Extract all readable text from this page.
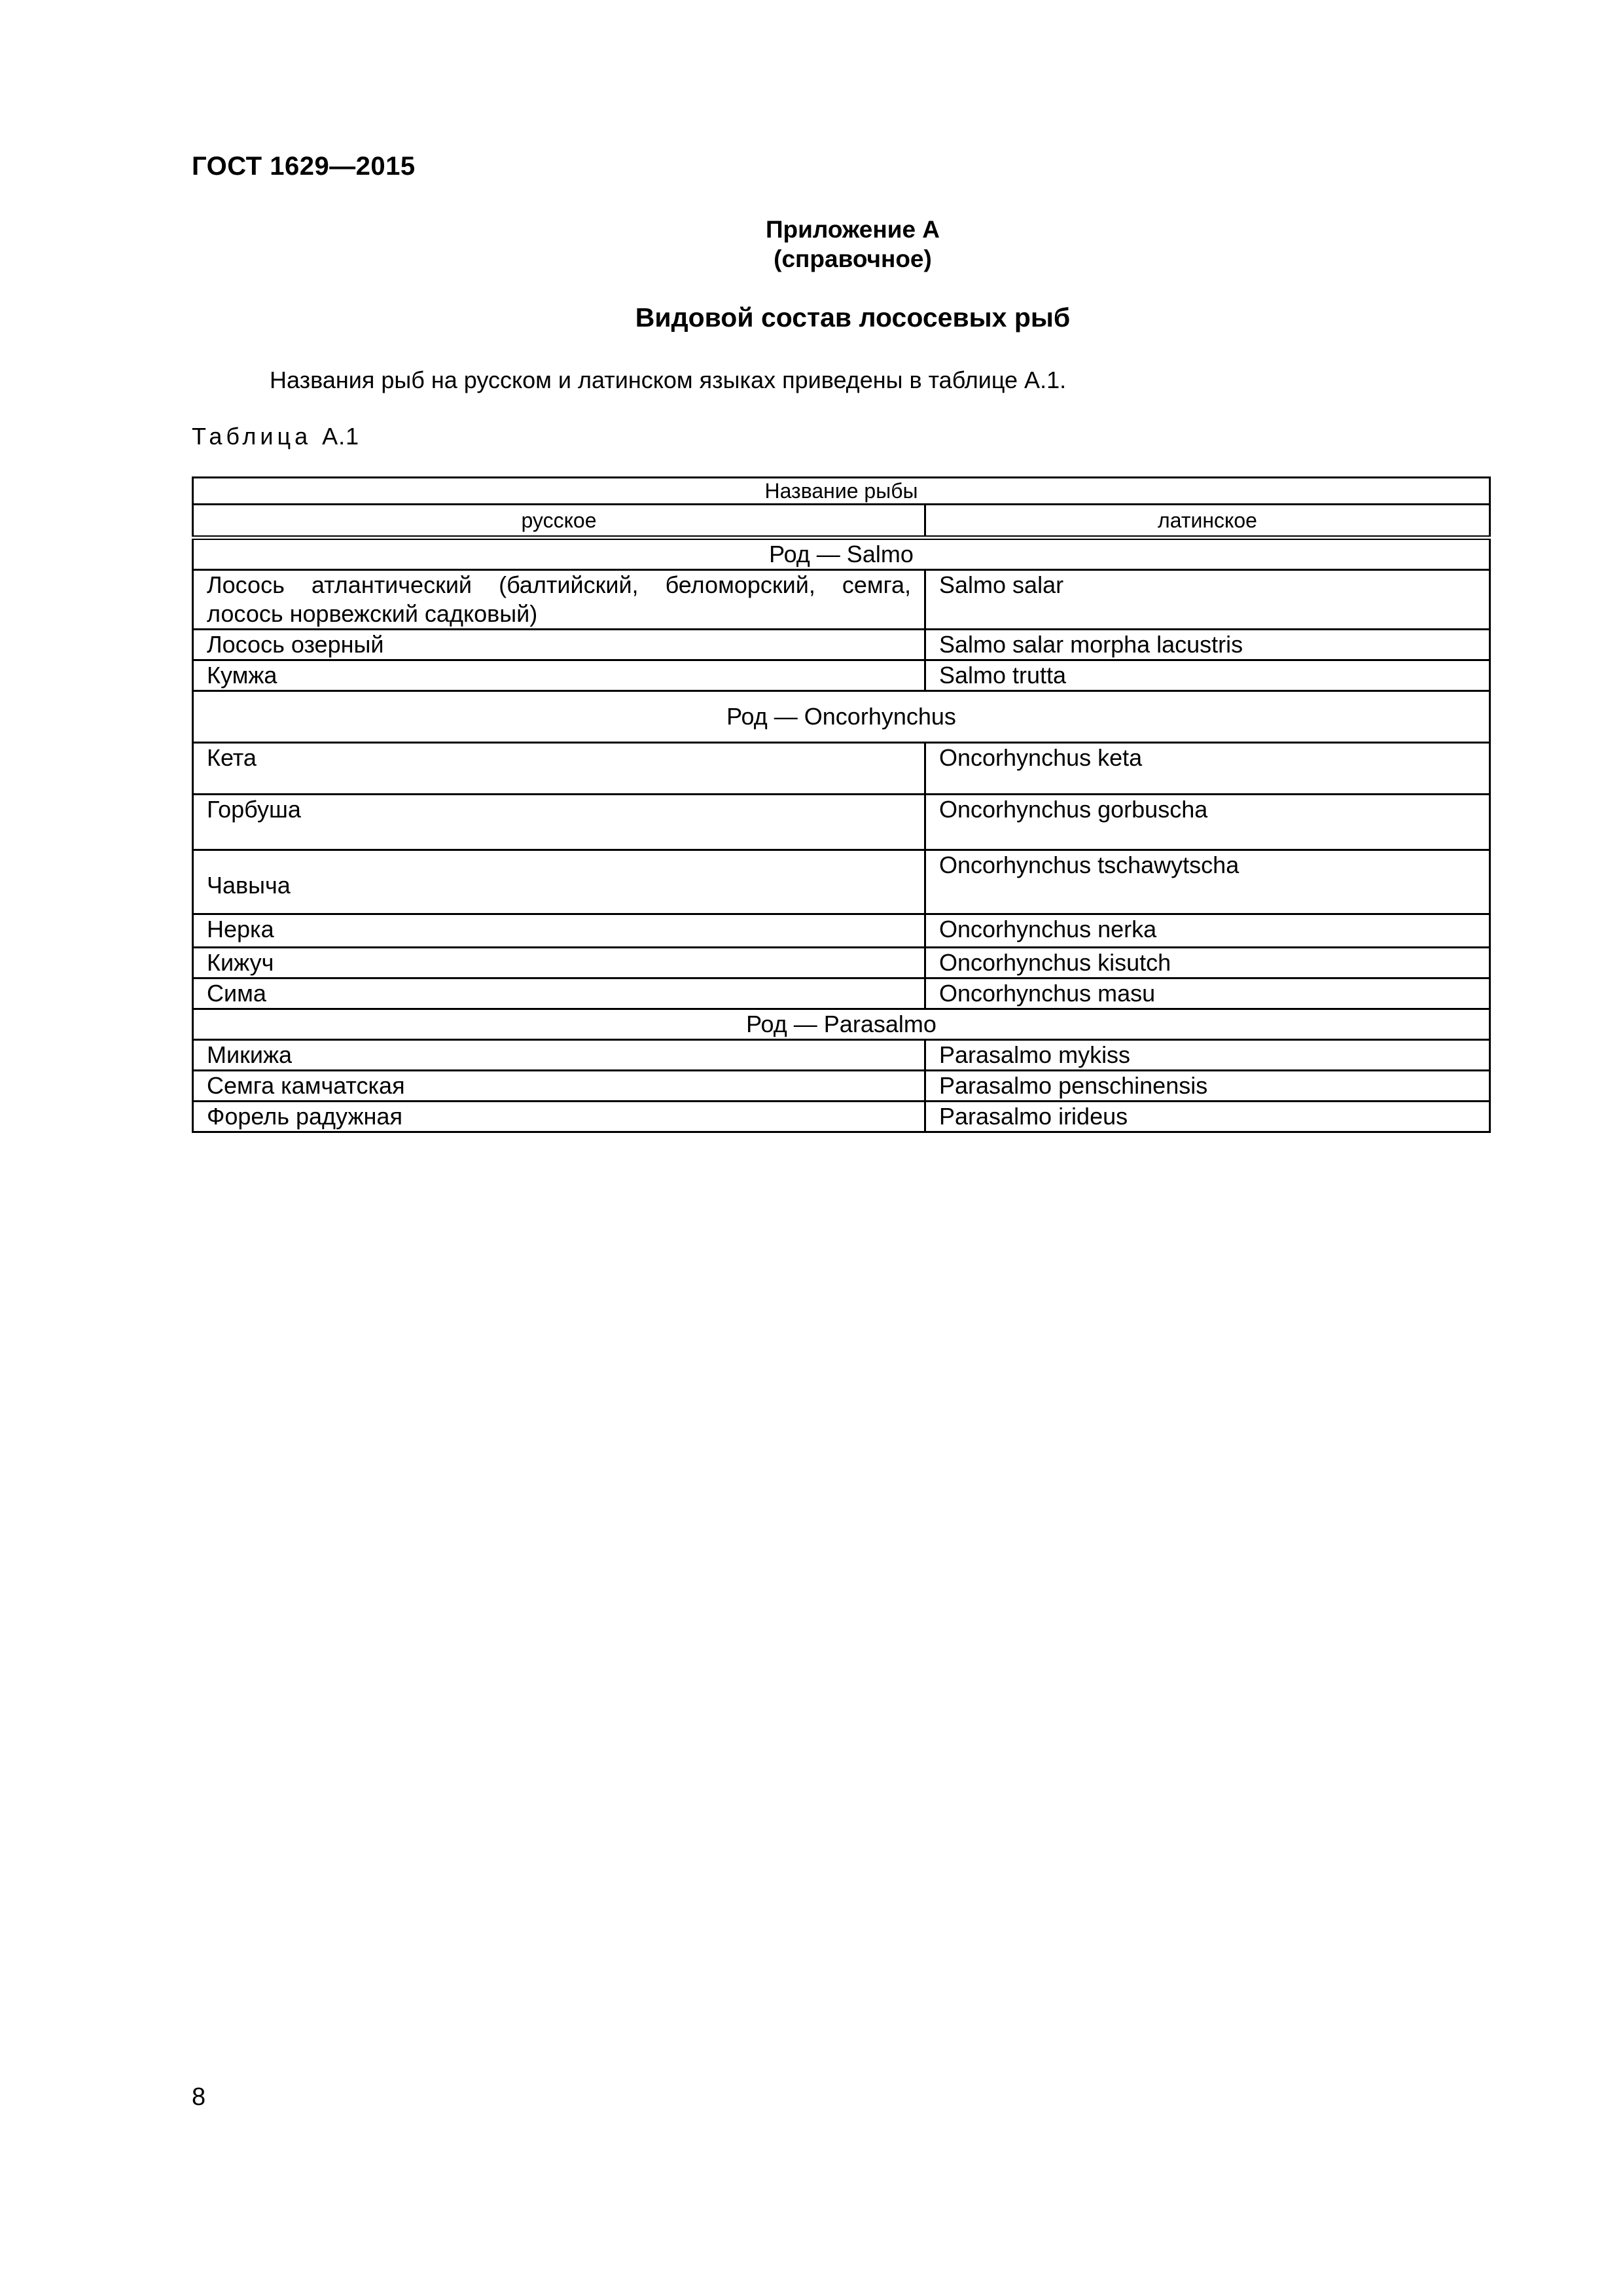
ГОСТ 1629—2015
Приложение А
(справочное)
Видовой состав лососевых рыб
Названия рыб на русском и латинском языках приведены в таблице А.1.
Таблица А.1
Название рыбы	
русское	латинское
Род — Salmo	
Лосось атлантический (балтийский, беломорский, семга, лосось норвежский садковый)	Salmo salar
Лосось озерный	Salmo salar morpha lacustris
Кумжа	Salmo trutta
Род — Oncorhynchus	
Кета	Oncorhynchus keta
Горбуша	Oncorhynchus gorbuscha
Чавыча	Oncorhynchus tschawytscha
Нерка	Oncorhynchus nerka
Кижуч	Oncorhynchus kisutch
Сима	Oncorhynchus masu
Род — Parasalmo	
Микижа	Parasalmo mykiss
Семга камчатская	Parasalmo penschinensis
Форель радужная	Parasalmo irideus
8
